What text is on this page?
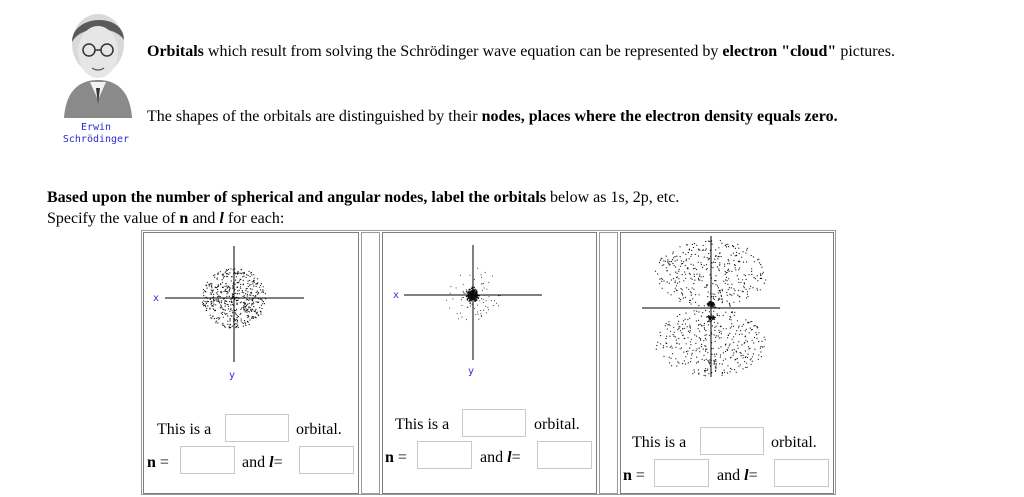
Erwin
Schrödinger
Orbitals which result from solving the Schrödinger wave equation can be represented by electron "cloud" pictures.
The shapes of the orbitals are distinguished by their nodes, places where the electron density equals zero.
Based upon the number of spherical and angular nodes, label the orbitals below as 1s, 2p, etc.
Specify the value of n and l for each:
x
y
This is a	orbital.
n =	and l=
x
y
This is a	orbital.
n =	and l=
This is a	orbital.
n =	and l=
